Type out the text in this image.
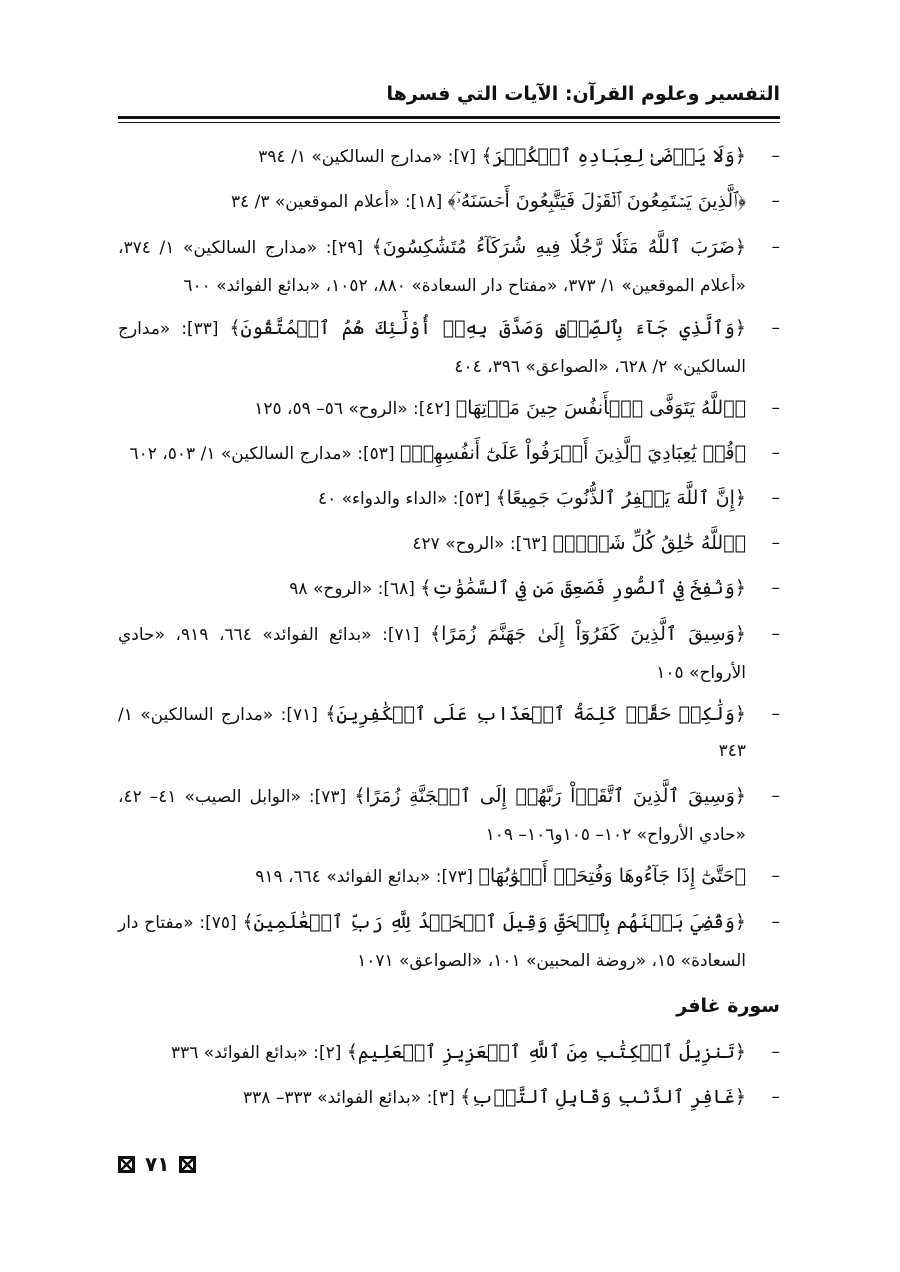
التفسير وعلوم القرآن: الآيات التي فسرها
–
﴿وَلَا يَرۡضَىٰ لِعِبَادِهِ ٱلۡكُفۡرَ﴾ [٧]: «مدارج السالكين» ١/ ٣٩٤
–
﴿ٱلَّذِينَ يَسۡتَمِعُونَ ٱلۡقَوۡلَ فَيَتَّبِعُونَ أَحۡسَنَهُۥٓ﴾ [١٨]: «أعلام الموقعين» ٣/ ٣٤
–
﴿ضَرَبَ ٱللَّهُ مَثَلٗا رَّجُلٗا فِيهِ شُرَكَآءُ مُتَشَٰكِسُونَ﴾ [٢٩]: «مدارج السالكين» ١/ ٣٧٤، «أعلام الموقعين» ١/ ٣٧٣، «مفتاح دار السعادة» ٨٨٠، ١٠٥٢، «بدائع الفوائد» ٦٠٠
–
﴿وَٱلَّذِي جَآءَ بِٱلصِّدۡقِ وَصَدَّقَ بِهِۦٓ أُوْلَٰٓئِكَ هُمُ ٱلۡمُتَّقُونَ﴾ [٣٣]: «مدارج السالكين» ٢/ ٦٢٨، «الصواعق» ٣٩٦، ٤٠٤
–
﴿ٱللَّهُ يَتَوَفَّى ٱلۡأَنفُسَ حِينَ مَوۡتِهَا﴾ [٤٢]: «الروح» ٥٦– ٥٩، ١٢٥
–
﴿قُلۡ يَٰعِبَادِيَ ٱلَّذِينَ أَسۡرَفُواْ عَلَىٰٓ أَنفُسِهِمۡ﴾ [٥٣]: «مدارج السالكين» ١/ ٥٠٣، ٦٠٢
–
﴿إِنَّ ٱللَّهَ يَغۡفِرُ ٱلذُّنُوبَ جَمِيعًا﴾ [٥٣]: «الداء والدواء» ٤٠
–
﴿ٱللَّهُ خَٰلِقُ كُلِّ شَيۡءٖ﴾ [٦٣]: «الروح» ٤٢٧
–
﴿وَنُفِخَ فِي ٱلصُّورِ فَصَعِقَ مَن فِي ٱلسَّمَٰوَٰتِ﴾ [٦٨]: «الروح» ٩٨
–
﴿وَسِيقَ ٱلَّذِينَ كَفَرُوٓاْ إِلَىٰ جَهَنَّمَ زُمَرًا﴾ [٧١]: «بدائع الفوائد» ٦٦٤، ٩١٩، «حادي الأرواح» ١٠٥
–
﴿وَلَٰكِنۡ حَقَّتۡ كَلِمَةُ ٱلۡعَذَابِ عَلَى ٱلۡكَٰفِرِينَ﴾ [٧١]: «مدارج السالكين» ١/ ٣٤٣
–
﴿وَسِيقَ ٱلَّذِينَ ٱتَّقَوۡاْ رَبَّهُمۡ إِلَى ٱلۡجَنَّةِ زُمَرًا﴾ [٧٣]: «الوابل الصيب» ٤١– ٤٢، «حادي الأرواح» ١٠٢– ١٠٥و١٠٦– ١٠٩
–
﴿حَتَّىٰٓ إِذَا جَآءُوهَا وَفُتِحَتۡ أَبۡوَٰبُهَا﴾ [٧٣]: «بدائع الفوائد» ٦٦٤، ٩١٩
–
﴿وَقُضِيَ بَيۡنَهُم بِٱلۡحَقِّ وَقِيلَ ٱلۡحَمۡدُ لِلَّهِ رَبِّ ٱلۡعَٰلَمِينَ﴾ [٧٥]: «مفتاح دار السعادة» ١٥، «روضة المحبين» ١٠١، «الصواعق» ١٠٧١
سورة غافر
–
﴿تَنزِيلُ ٱلۡكِتَٰبِ مِنَ ٱللَّهِ ٱلۡعَزِيزِ ٱلۡعَلِيمِ﴾ [٢]: «بدائع الفوائد» ٣٣٦
–
﴿غَافِرِ ٱلذَّنۢبِ وَقَابِلِ ٱلتَّوۡبِ﴾ [٣]: «بدائع الفوائد» ٣٣٣– ٣٣٨
٧١
